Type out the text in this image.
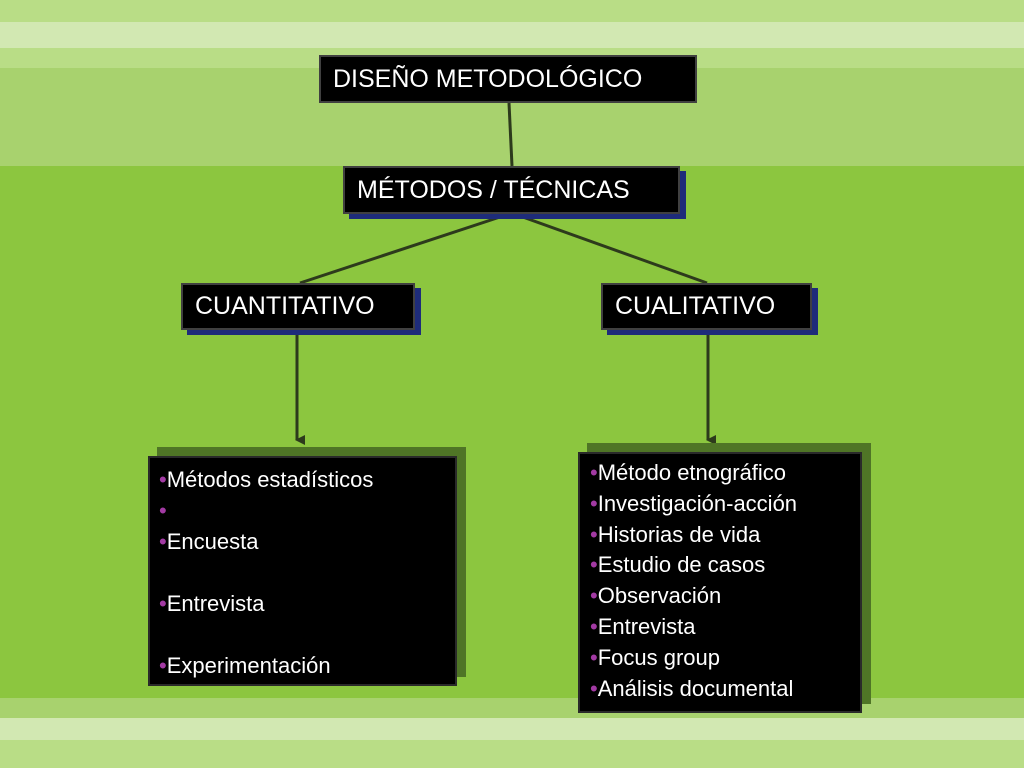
DISEÑO METODOLÓGICO
MÉTODOS / TÉCNICAS
CUANTITATIVO	CUALITATIVO
•Métodos estadísticos
•
•Encuesta
•Entrevista
•Experimentación
•Método etnográfico
•Investigación-acción
•Historias de vida
•Estudio de casos
•Observación
•Entrevista
•Focus group
•Análisis documental
